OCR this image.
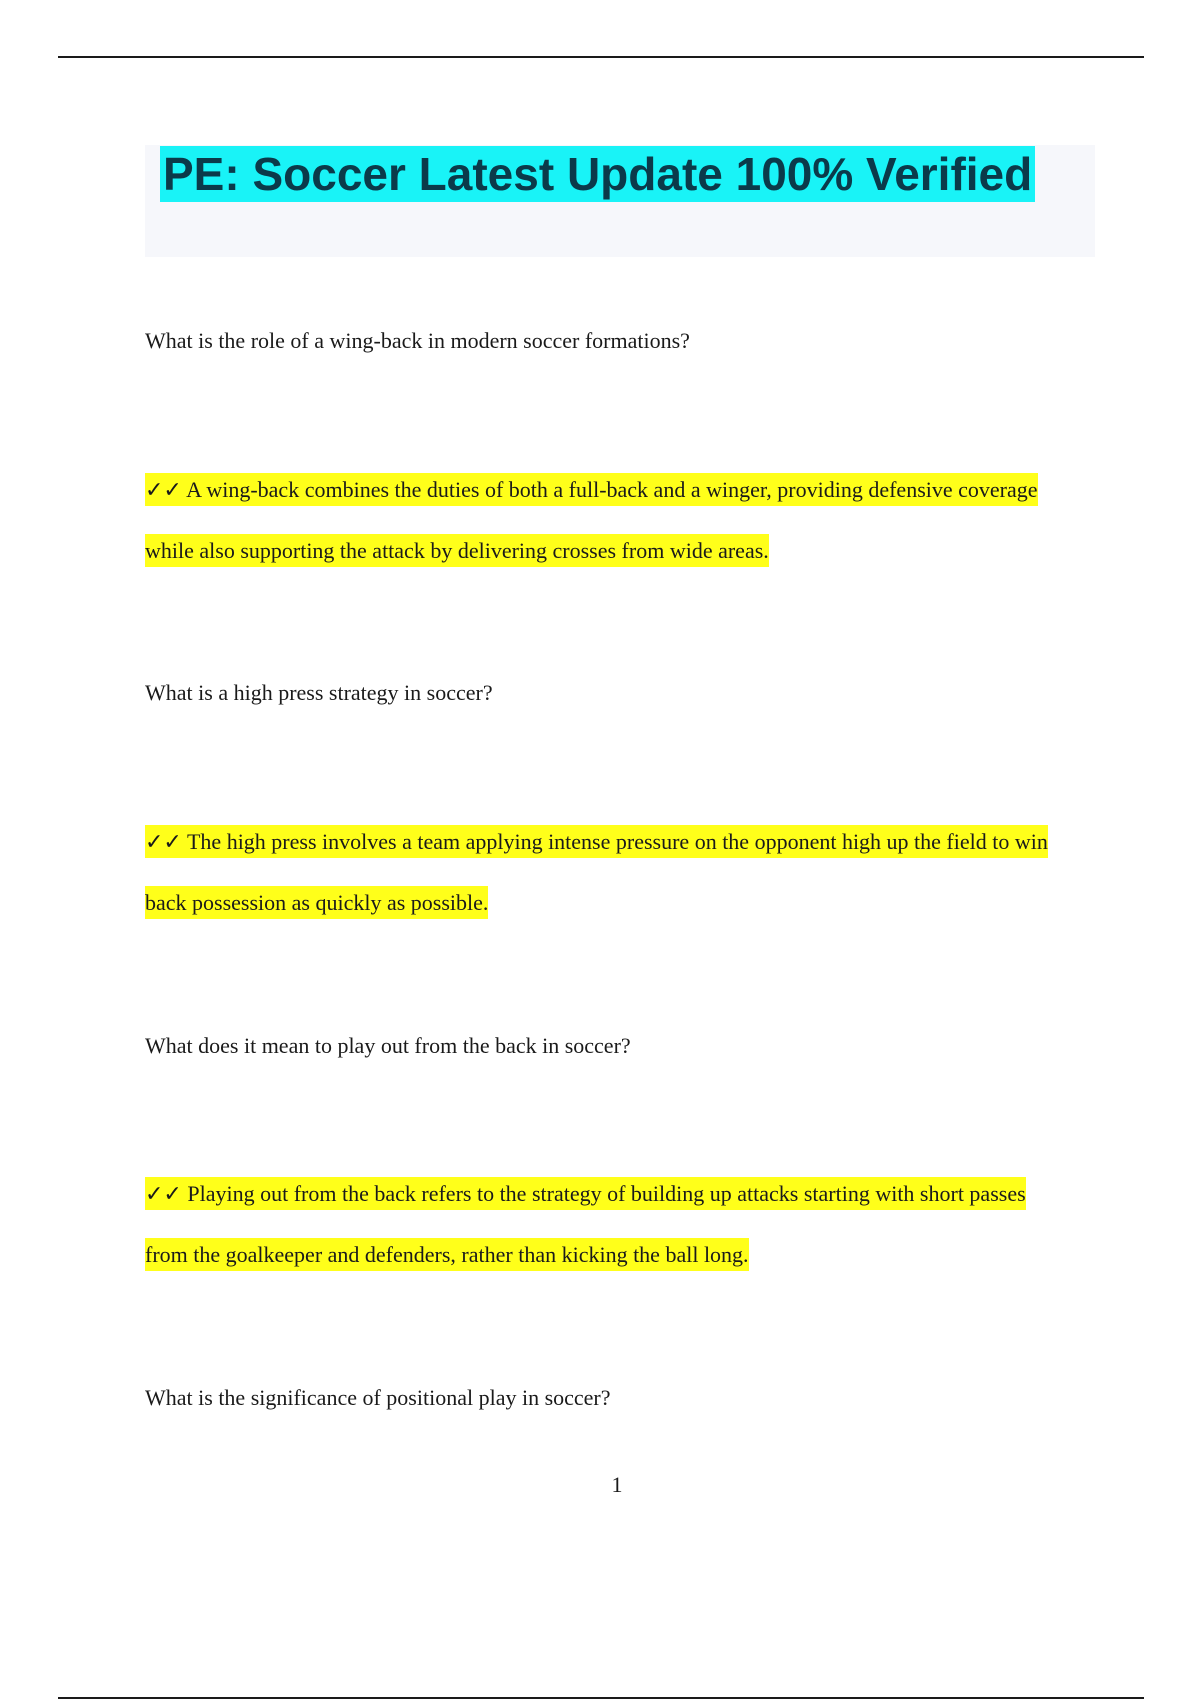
PE: Soccer Latest Update 100% Verified

What is the role of a wing-back in modern soccer formations?

✓✓ A wing-back combines the duties of both a full-back and a winger, providing defensive coverage while also supporting the attack by delivering crosses from wide areas.

What is a high press strategy in soccer?

✓✓ The high press involves a team applying intense pressure on the opponent high up the field to win back possession as quickly as possible.

What does it mean to play out from the back in soccer?

✓✓ Playing out from the back refers to the strategy of building up attacks starting with short passes from the goalkeeper and defenders, rather than kicking the ball long.

What is the significance of positional play in soccer?

1
